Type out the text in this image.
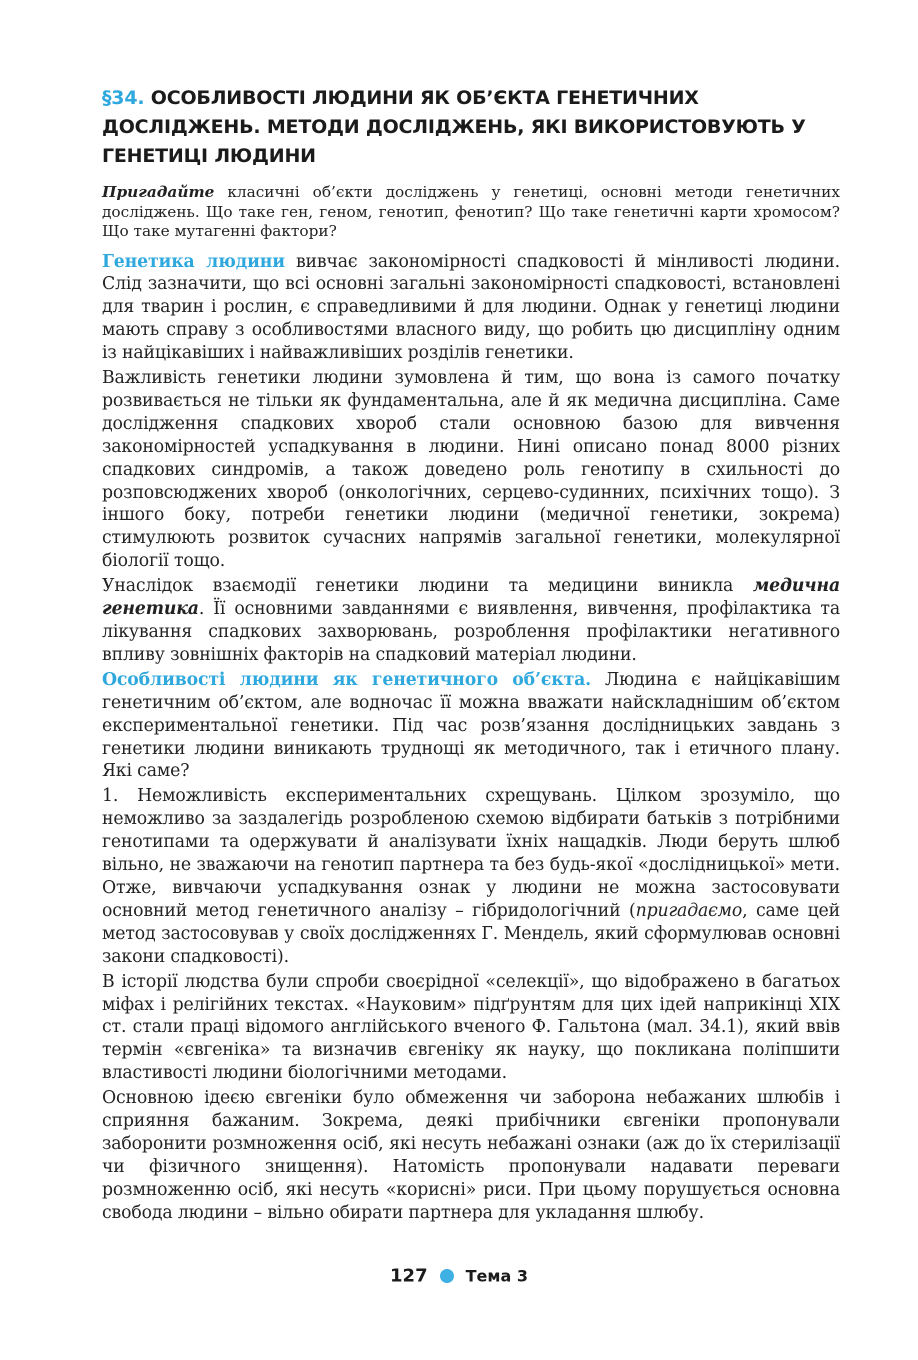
§34. ОСОБЛИВОСТІ ЛЮДИНИ ЯК ОБ’ЄКТА ГЕНЕТИЧНИХ ДОСЛІДЖЕНЬ. МЕТОДИ ДОСЛІДЖЕНЬ, ЯКІ ВИКОРИСТОВУЮТЬ У ГЕНЕТИЦІ ЛЮДИНИ
Пригадайте класичні об’єкти досліджень у генетиці, основні методи генетичних досліджень. Що таке ген, геном, генотип, фенотип? Що таке генетичні карти хромосом? Що таке мутагенні фактори?

Генетика людини вивчає закономірності спадковості й мінливості людини. Слід зазначити, що всі основні загальні закономірності спадковості, встановлені для тварин і рослин, є справедливими й для людини. Однак у генетиці людини мають справу з особливостями власного виду, що робить цю дисципліну одним із найцікавіших і найважливіших розділів генетики.

Важливість генетики людини зумовлена й тим, що вона із самого початку розвивається не тільки як фундаментальна, але й як медична дисципліна. Саме дослідження спадкових хвороб стали основною базою для вивчення закономірностей успадкування в людини. Нині описано понад 8000 різних спадкових синдромів, а також доведено роль генотипу в схильності до розповсюджених хвороб (онкологічних, серцево-судинних, психічних тощо). З іншого боку, потреби генетики людини (медичної генетики, зокрема) стимулюють розвиток сучасних напрямів загальної генетики, молекулярної біології тощо.

Унаслідок взаємодії генетики людини та медицини виникла медична генетика. Її основними завданнями є виявлення, вивчення, профілактика та лікування спадкових захворювань, розроблення профілактики негативного впливу зовнішніх факторів на спадковий матеріал людини.

Особливості людини як генетичного об’єкта. Людина є найцікавішим генетичним об’єктом, але водночас її можна вважати найскладнішим об’єктом експериментальної генетики. Під час розв’язання дослідницьких завдань з генетики людини виникають труднощі як методичного, так і етичного плану. Які саме?

1. Неможливість експериментальних схрещувань. Цілком зрозуміло, що неможливо за заздалегідь розробленою схемою відбирати батьків з потрібними генотипами та одержувати й аналізувати їхніх нащадків. Люди беруть шлюб вільно, не зважаючи на генотип партнера та без будь-якої «дослідницької» мети. Отже, вивчаючи успадкування ознак у людини не можна застосовувати основний метод генетичного аналізу – гібридологічний (пригадаємо, саме цей метод застосовував у своїх дослідженнях Г. Мендель, який сформулював основні закони спадковості).

В історії людства були спроби своєрідної «селекції», що відображено в багатьох міфах і релігійних текстах. «Науковим» підґрунтям для цих ідей наприкінці XIX ст. стали праці відомого англійського вченого Ф. Гальтона (мал. 34.1), який ввів термін «євгеніка» та визначив євгеніку як науку, що покликана поліпшити властивості людини біологічними методами.

Основною ідеєю євгеніки було обмеження чи заборона небажаних шлюбів і сприяння бажаним. Зокрема, деякі прибічники євгеніки пропонували заборонити розмноження осіб, які несуть небажані ознаки (аж до їх стерилізації чи фізичного знищення). Натомість пропонували надавати переваги розмноженню осіб, які несуть «корисні» риси. При цьому порушується основна свобода людини – вільно обирати партнера для укладання шлюбу.

127 Тема 3
